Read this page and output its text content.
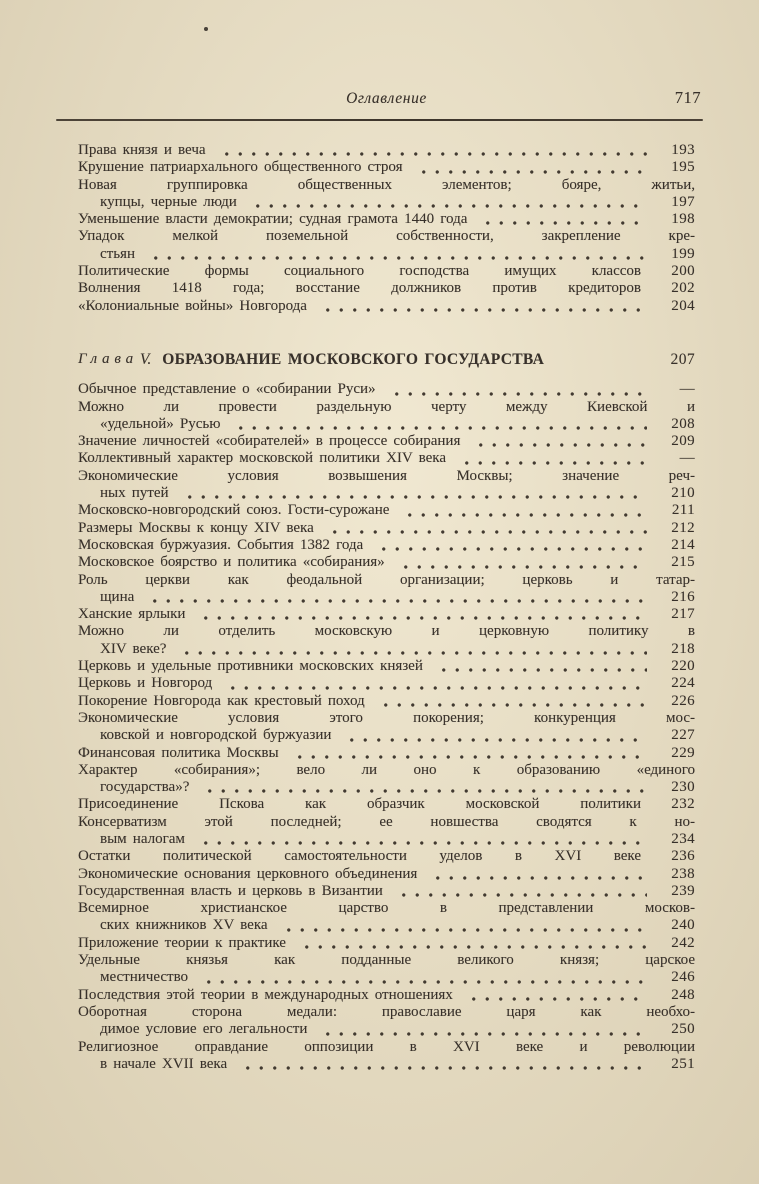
Оглавление	717
Права князя и веча	193
Крушение патриархального общественного строя	195
Новая группировка общественных элементов; бояре, житьи,
купцы, черные люди	197
Уменьшение власти демократии; судная грамота 1440 года	198
Упадок мелкой поземельной собственности, закрепление кре-
стьян	199
Политические формы социального господства имущих классов	200
Волнения 1418 года; восстание должников против кредиторов	202
«Колониальные войны» Новгорода	204
Глава V. ОБРАЗОВАНИЕ МОСКОВСКОГО ГОСУДАРСТВА	207
Обычное представление о «собирании Руси»	—
Можно ли провести раздельную черту между Киевской и
«удельной» Русью	208
Значение личностей «собирателей» в процессе собирания	209
Коллективный характер московской политики XIV века	—
Экономические условия возвышения Москвы; значение реч-
ных путей	210
Московско-новгородский союз. Гости-сурожане	211
Размеры Москвы к концу XIV века	212
Московская буржуазия. События 1382 года	214
Московское боярство и политика «собирания»	215
Роль церкви как феодальной организации; церковь и татар-
щина	216
Ханские ярлыки	217
Можно ли отделить московскую и церковную политику в
XIV веке?	218
Церковь и удельные противники московских князей	220
Церковь и Новгород	224
Покорение Новгорода как крестовый поход	226
Экономические условия этого покорения; конкуренция мос-
ковской и новгородской буржуазии	227
Финансовая политика Москвы	229
Характер «собирания»; вело ли оно к образованию «единого
государства»?	230
Присоединение Пскова как образчик московской политики	232
Консерватизм этой последней; ее новшества сводятся к но-
вым налогам	234
Остатки политической самостоятельности уделов в XVI веке	236
Экономические основания церковного объединения	238
Государственная власть и церковь в Византии	239
Всемирное христианское царство в представлении москов-
ских книжников XV века	240
Приложение теории к практике	242
Удельные князья как подданные великого князя; царское
местничество	246
Последствия этой теории в международных отношениях	248
Оборотная сторона медали: православие царя как необхо-
димое условие его легальности	250
Религиозное оправдание оппозиции в XVI веке и революции
в начале XVII века	251
